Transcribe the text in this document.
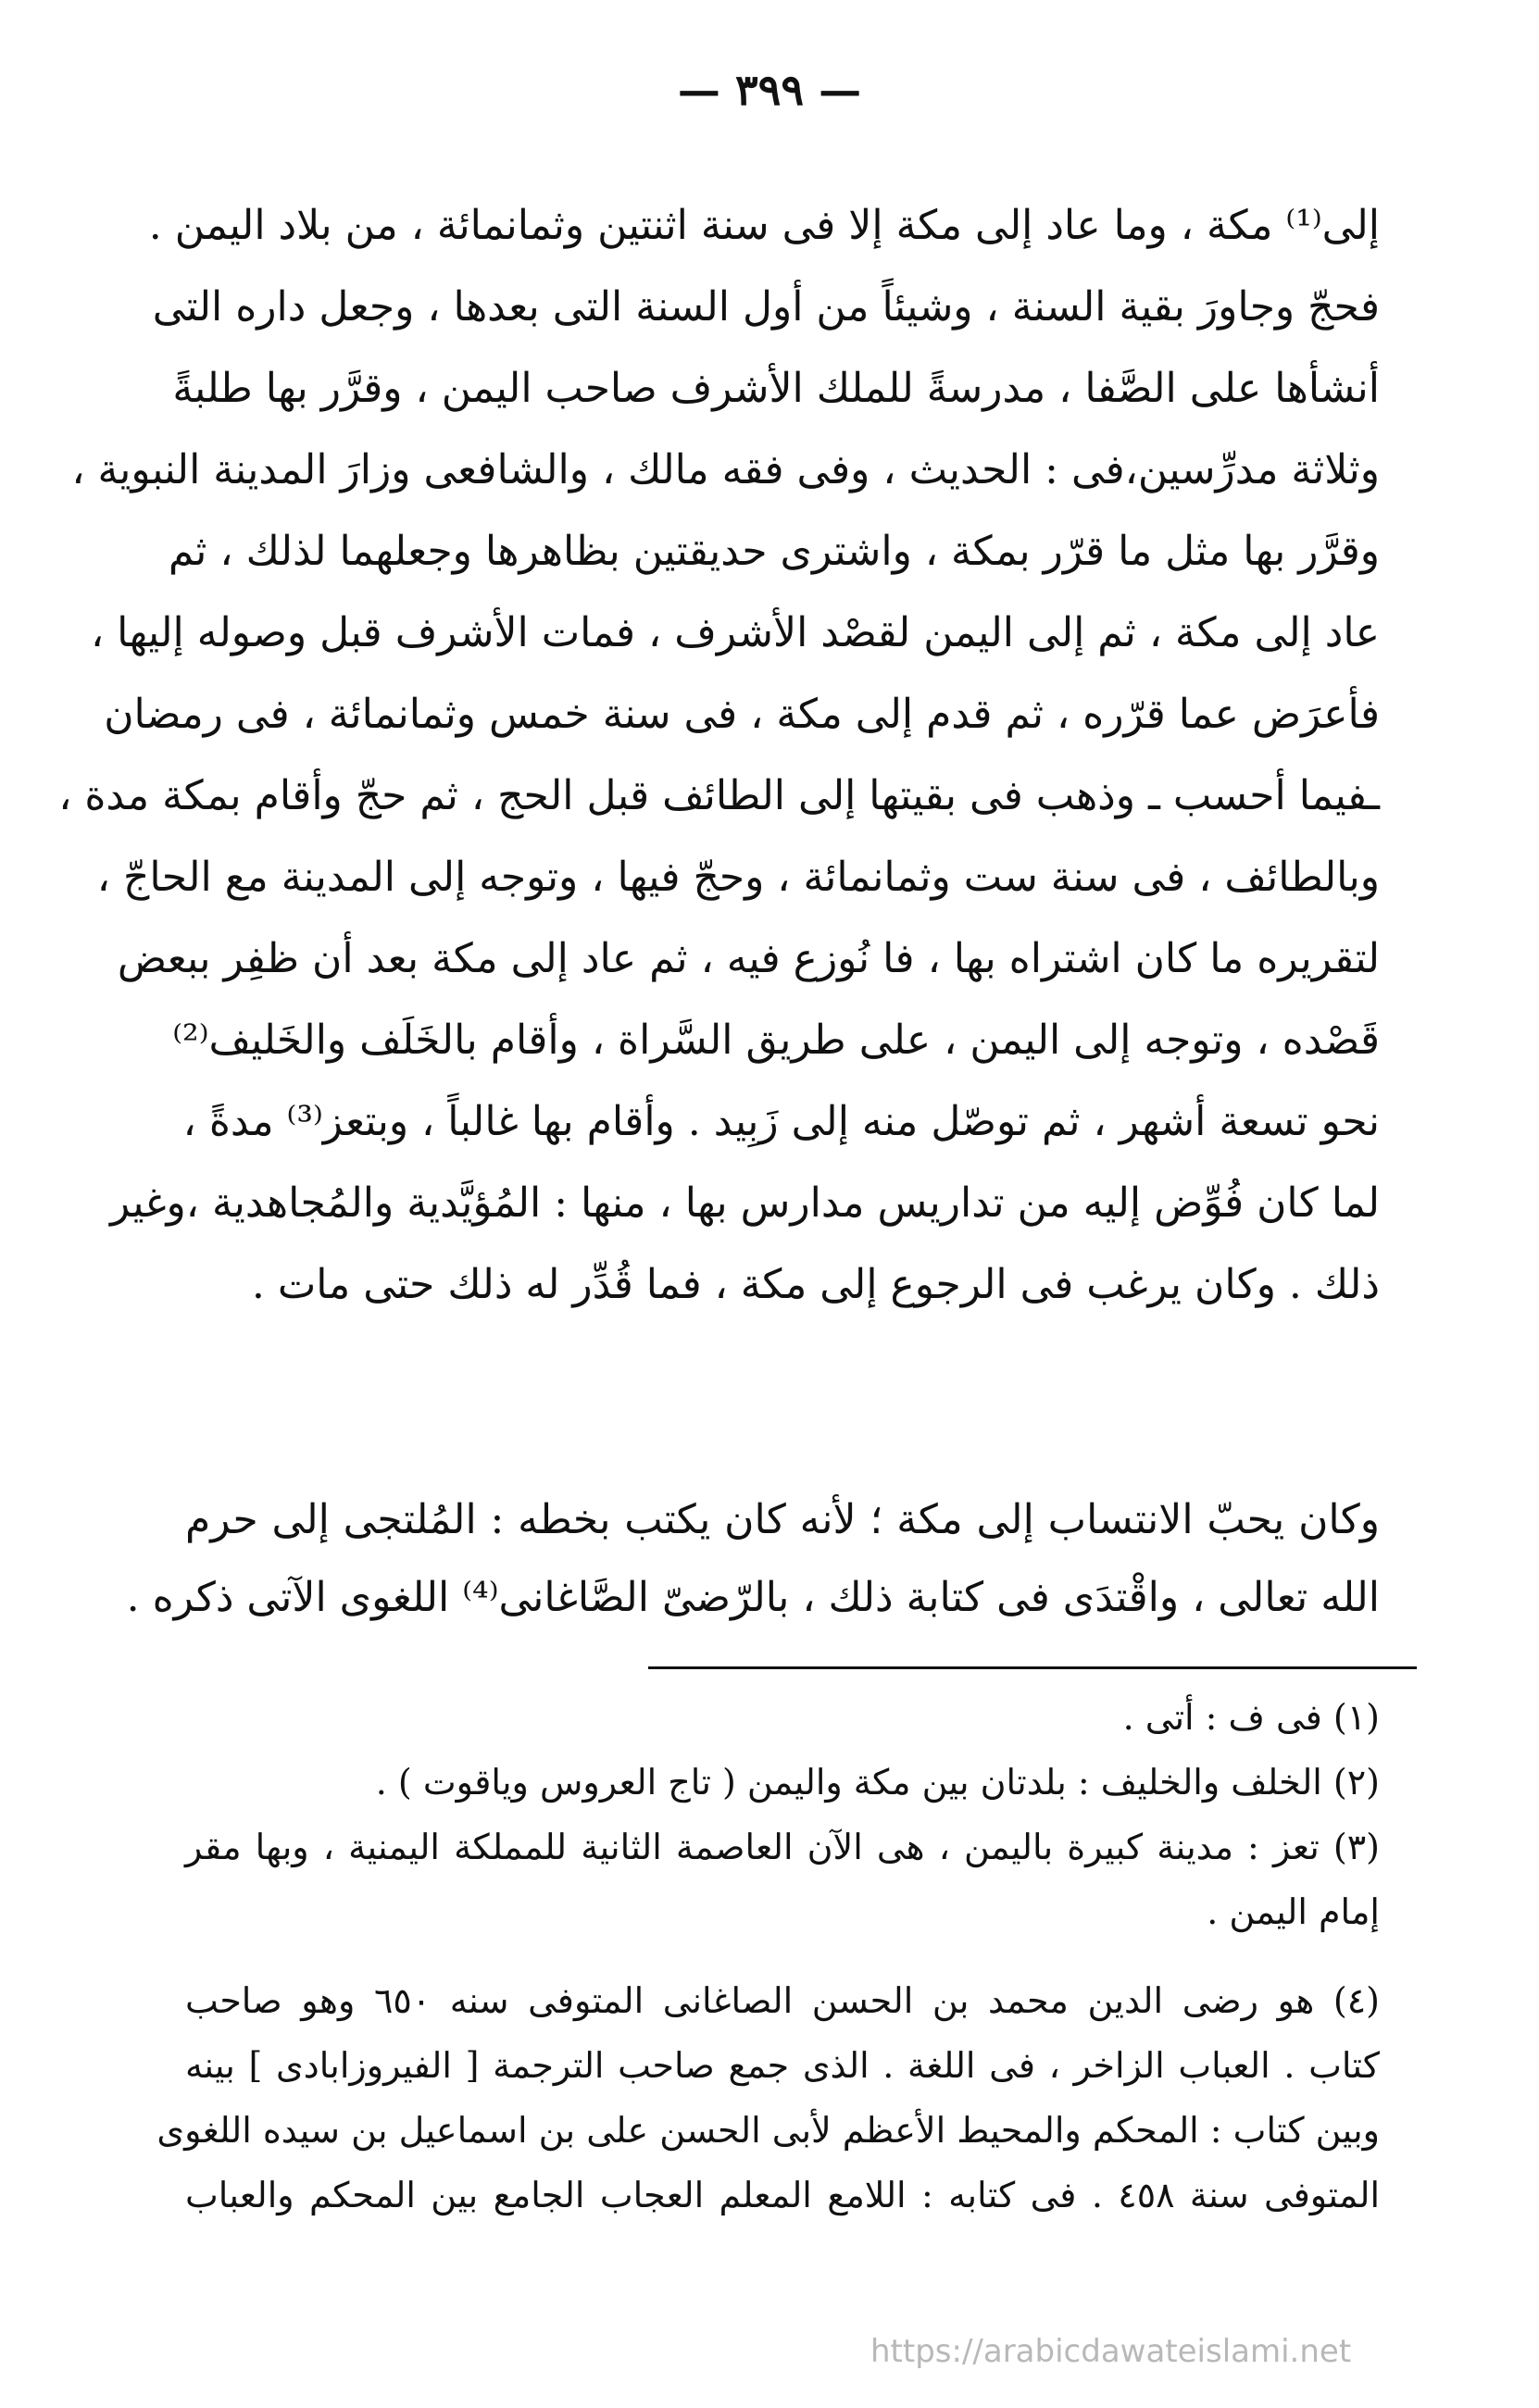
— ٣٩٩ —
إلى⁽¹⁾ مكة ، وما عاد إلى مكة إلا فى سنة اثنتين وثمانمائة ، من بلاد اليمن .
فحجّ وجاورَ بقية السنة ، وشيئاً من أول السنة التى بعدها ، وجعل داره التى
أنشأها على الصَّفا ، مدرسةً للملك الأشرف صاحب اليمن ، وقرَّر بها طلبةً
وثلاثة مدرِّسين،فى : الحديث ، وفى فقه مالك ، والشافعى وزارَ المدينة النبوية ،
وقرَّر بها مثل ما قرّر بمكة ، واشترى حديقتين بظاهرها وجعلهما لذلك ، ثم
عاد إلى مكة ، ثم إلى اليمن لقصْد الأشرف ، فمات الأشرف قبل وصوله إليها ،
فأعرَض عما قرّره ، ثم قدم إلى مكة ، فى سنة خمس وثمانمائة ، فى رمضان
ـفيما أحسب ـ وذهب فى بقيتها إلى الطائف قبل الحج ، ثم حجّ وأقام بمكة مدة ،
وبالطائف ، فى سنة ست وثمانمائة ، وحجّ فيها ، وتوجه إلى المدينة مع الحاجّ ،
لتقريره ما كان اشتراه بها ، فا نُوزع فيه ، ثم عاد إلى مكة بعد أن ظفِر ببعض
قَصْده ، وتوجه إلى اليمن ، على طريق السَّراة ، وأقام بالخَلَف والخَليف⁽²⁾
نحو تسعة أشهر ، ثم توصّل منه إلى زَبِيد . وأقام بها غالباً ، وبتعز⁽³⁾ مدةً ،
لما كان فُوِّض إليه من تداريس مدارس بها ، منها : المُؤيَّدية والمُجاهدية ،وغير
ذلك . وكان يرغب فى الرجوع إلى مكة ، فما قُدِّر له ذلك حتى مات .
وكان يحبّ الانتساب إلى مكة ؛ لأنه كان يكتب بخطه : المُلتجى إلى حرم
الله تعالى ، واقْتدَى فى كتابة ذلك ، بالرّضىّ الصَّاغانى⁽⁴⁾ اللغوى الآتى ذكره .
(١) فى ف : أتى .
(٢) الخلف والخليف : بلدتان بين مكة واليمن ( تاج العروس وياقوت ) .
(٣) تعز : مدينة كبيرة باليمن ، هى الآن العاصمة الثانية للمملكة اليمنية ، وبها مقر
إمام اليمن .
(٤) هو رضى الدين محمد بن الحسن الصاغانى المتوفى سنه ٦٥٠ وهو صاحب
كتاب . العباب الزاخر ، فى اللغة . الذى جمع صاحب الترجمة [ الفيروزابادى ] بينه
وبين كتاب : المحكم والمحيط الأعظم لأبى الحسن على بن اسماعيل بن سيده اللغوى
المتوفى سنة ٤٥٨ . فى كتابه : اللامع المعلم العجاب الجامع بين المحكم والعباب
https://arabicdawateislami.net
